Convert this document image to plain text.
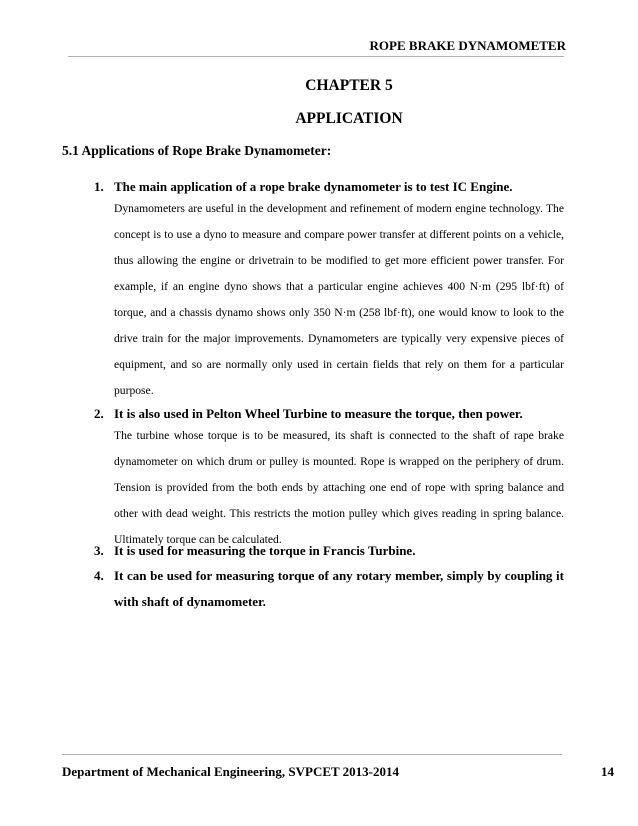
ROPE BRAKE DYNAMOMETER
CHAPTER 5
APPLICATION
5.1 Applications of Rope Brake Dynamometer:
1. The main application of a rope brake dynamometer is to test IC Engine.
Dynamometers are useful in the development and refinement of modern engine technology. The concept is to use a dyno to measure and compare power transfer at different points on a vehicle, thus allowing the engine or drivetrain to be modified to get more efficient power transfer. For example, if an engine dyno shows that a particular engine achieves 400 N·m (295 lbf·ft) of torque, and a chassis dynamo shows only 350 N·m (258 lbf·ft), one would know to look to the drive train for the major improvements. Dynamometers are typically very expensive pieces of equipment, and so are normally only used in certain fields that rely on them for a particular purpose.
2. It is also used in Pelton Wheel Turbine to measure the torque, then power.
The turbine whose torque is to be measured, its shaft is connected to the shaft of rape brake dynamometer on which drum or pulley is mounted. Rope is wrapped on the periphery of drum. Tension is provided from the both ends by attaching one end of rope with spring balance and other with dead weight. This restricts the motion pulley which gives reading in spring balance. Ultimately torque can be calculated.
3. It is used for measuring the torque in Francis Turbine.
4. It can be used for measuring torque of any rotary member, simply by coupling it with shaft of dynamometer.
Department of Mechanical Engineering, SVPCET 2013-2014	14
